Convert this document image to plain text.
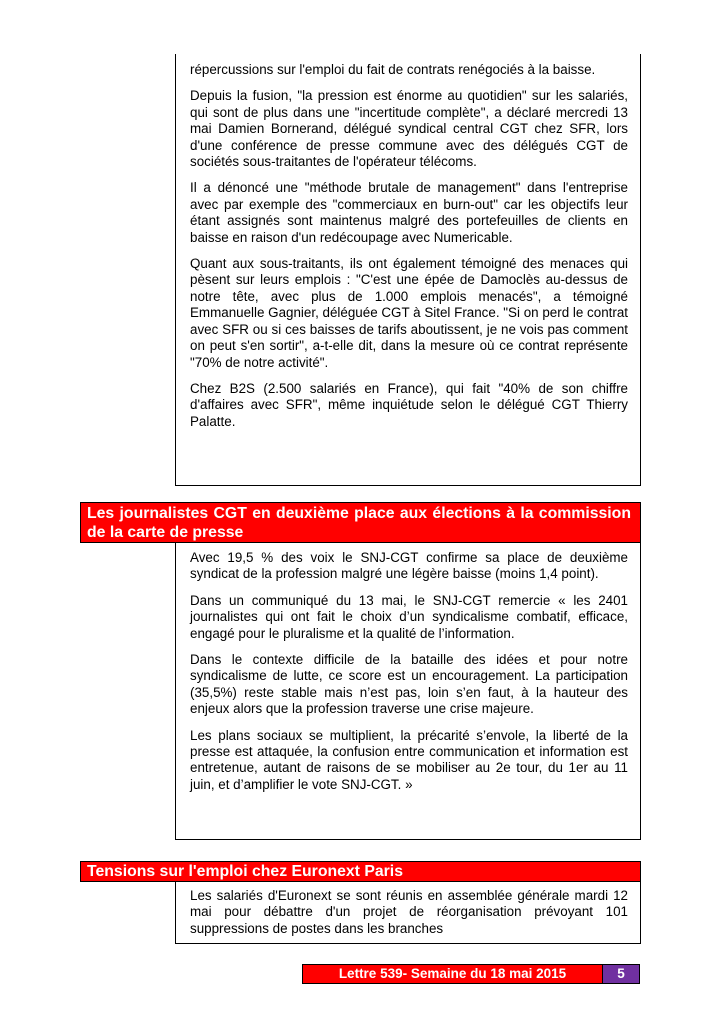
répercussions sur l'emploi du fait de contrats renégociés à la baisse.

Depuis la fusion, "la pression est énorme au quotidien" sur les salariés, qui sont de plus dans une "incertitude complète", a déclaré mercredi 13 mai Damien Bornerand, délégué syndical central CGT chez SFR, lors d'une conférence de presse commune avec des délégués CGT de sociétés sous-traitantes de l'opérateur télécoms.

Il a dénoncé une "méthode brutale de management" dans l'entreprise avec par exemple des "commerciaux en burn-out" car les objectifs leur étant assignés sont maintenus malgré des portefeuilles de clients en baisse en raison d'un redécoupage avec Numericable.

Quant aux sous-traitants, ils ont également témoigné des menaces qui pèsent sur leurs emplois : "C'est une épée de Damoclès au-dessus de notre tête, avec plus de 1.000 emplois menacés", a témoigné Emmanuelle Gagnier, déléguée CGT à Sitel France. "Si on perd le contrat avec SFR ou si ces baisses de tarifs aboutissent, je ne vois pas comment on peut s'en sortir", a-t-elle dit, dans la mesure où ce contrat représente "70% de notre activité".

Chez B2S (2.500 salariés en France), qui fait "40% de son chiffre d'affaires avec SFR", même inquiétude selon le délégué CGT Thierry Palatte.

Les journalistes CGT en deuxième place aux élections à la commission de la carte de presse

Avec 19,5 % des voix le SNJ-CGT confirme sa place de deuxième syndicat de la profession malgré une légère baisse (moins 1,4 point).

Dans un communiqué du 13 mai, le SNJ-CGT remercie « les 2401 journalistes qui ont fait le choix d’un syndicalisme combatif, efficace, engagé pour le pluralisme et la qualité de l’information.

Dans le contexte difficile de la bataille des idées et pour notre syndicalisme de lutte, ce score est un encouragement. La participation (35,5%) reste stable mais n’est pas, loin s’en faut, à la hauteur des enjeux alors que la profession traverse une crise majeure.

Les plans sociaux se multiplient, la précarité s’envole, la liberté de la presse est attaquée, la confusion entre communication et information est entretenue, autant de raisons de se mobiliser au 2e tour, du 1er au 11 juin, et d’amplifier le vote SNJ-CGT. »

Tensions sur l'emploi chez Euronext Paris

Les salariés d'Euronext se sont réunis en assemblée générale mardi 12 mai pour débattre d'un projet de réorganisation prévoyant 101 suppressions de postes dans les branches

Lettre 539- Semaine du 18 mai 2015	5
